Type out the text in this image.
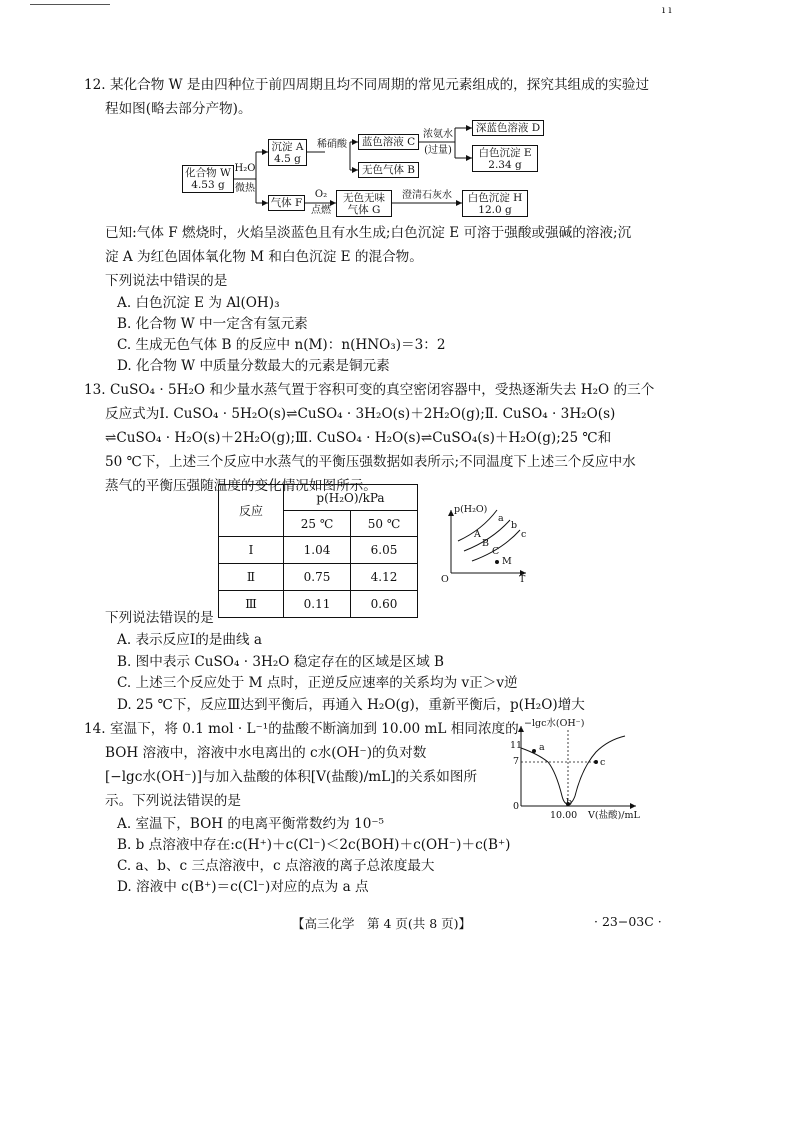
ı ı
12. 某化合物 W 是由四种位于前四周期且均不同周期的常见元素组成的，探究其组成的实验过
程如图(略去部分产物)。
化合物 W
4.53 g
H₂O
微热
沉淀 A
4.5 g
稀硝酸	蓝色溶液 C
无色气体 B
浓氨水
(过量)
深蓝色溶液 D
白色沉淀 E
2.34 g
气体 F
O₂
点燃
无色无味
气体 G
澄清石灰水	白色沉淀 H
12.0 g
已知:气体 F 燃烧时，火焰呈淡蓝色且有水生成;白色沉淀 E 可溶于强酸或强碱的溶液;沉
淀 A 为红色固体氧化物 M 和白色沉淀 E 的混合物。
下列说法中错误的是
A. 白色沉淀 E 为 Al(OH)₃
B. 化合物 W 中一定含有氢元素
C. 生成无色气体 B 的反应中 n(M)：n(HNO₃)＝3：2
D. 化合物 W 中质量分数最大的元素是铜元素
13. CuSO₄ · 5H₂O 和少量水蒸气置于容积可变的真空密闭容器中，受热逐渐失去 H₂O 的三个
反应式为Ⅰ. CuSO₄ · 5H₂O(s)⇌CuSO₄ · 3H₂O(s)＋2H₂O(g);Ⅱ. CuSO₄ · 3H₂O(s)
⇌CuSO₄ · H₂O(s)＋2H₂O(g);Ⅲ. CuSO₄ · H₂O(s)⇌CuSO₄(s)＋H₂O(g);25 ℃和
50 ℃下，上述三个反应中水蒸气的平衡压强数据如表所示;不同温度下上述三个反应中水
蒸气的平衡压强随温度的变化情况如图所示。
反应	p(H₂O)/kPa	
	25 ℃	50 ℃
Ⅰ	1.04	6.05
Ⅱ	0.75	4.12
Ⅲ	0.11	0.60
p(H₂O)
T
O
a
b
c
A
B
C
M
下列说法错误的是
A. 表示反应Ⅰ的是曲线 a
B. 图中表示 CuSO₄ · 3H₂O 稳定存在的区域是区域 B
C. 上述三个反应处于 M 点时，正逆反应速率的关系均为 v正＞v逆
D. 25 ℃下，反应Ⅲ达到平衡后，再通入 H₂O(g)，重新平衡后，p(H₂O)增大
14. 室温下，将 0.1 mol · L⁻¹的盐酸不断滴加到 10.00 mL 相同浓度的
BOH 溶液中，溶液中水电离出的 c水(OH⁻)的负对数
[−lgc水(OH⁻)]与加入盐酸的体积[V(盐酸)/mL]的关系如图所
示。下列说法错误的是
−lgc水(OH⁻)
11
7
0
10.00 V(盐酸)/mL
a
b
c
A. 室温下，BOH 的电离平衡常数约为 10⁻⁵
B. b 点溶液中存在:c(H⁺)＋c(Cl⁻)＜2c(BOH)＋c(OH⁻)＋c(B⁺)
C. a、b、c 三点溶液中，c 点溶液的离子总浓度最大
D. 溶液中 c(B⁺)＝c(Cl⁻)对应的点为 a 点
【高三化学　第 4 页(共 8 页)】	· 23−03C ·
